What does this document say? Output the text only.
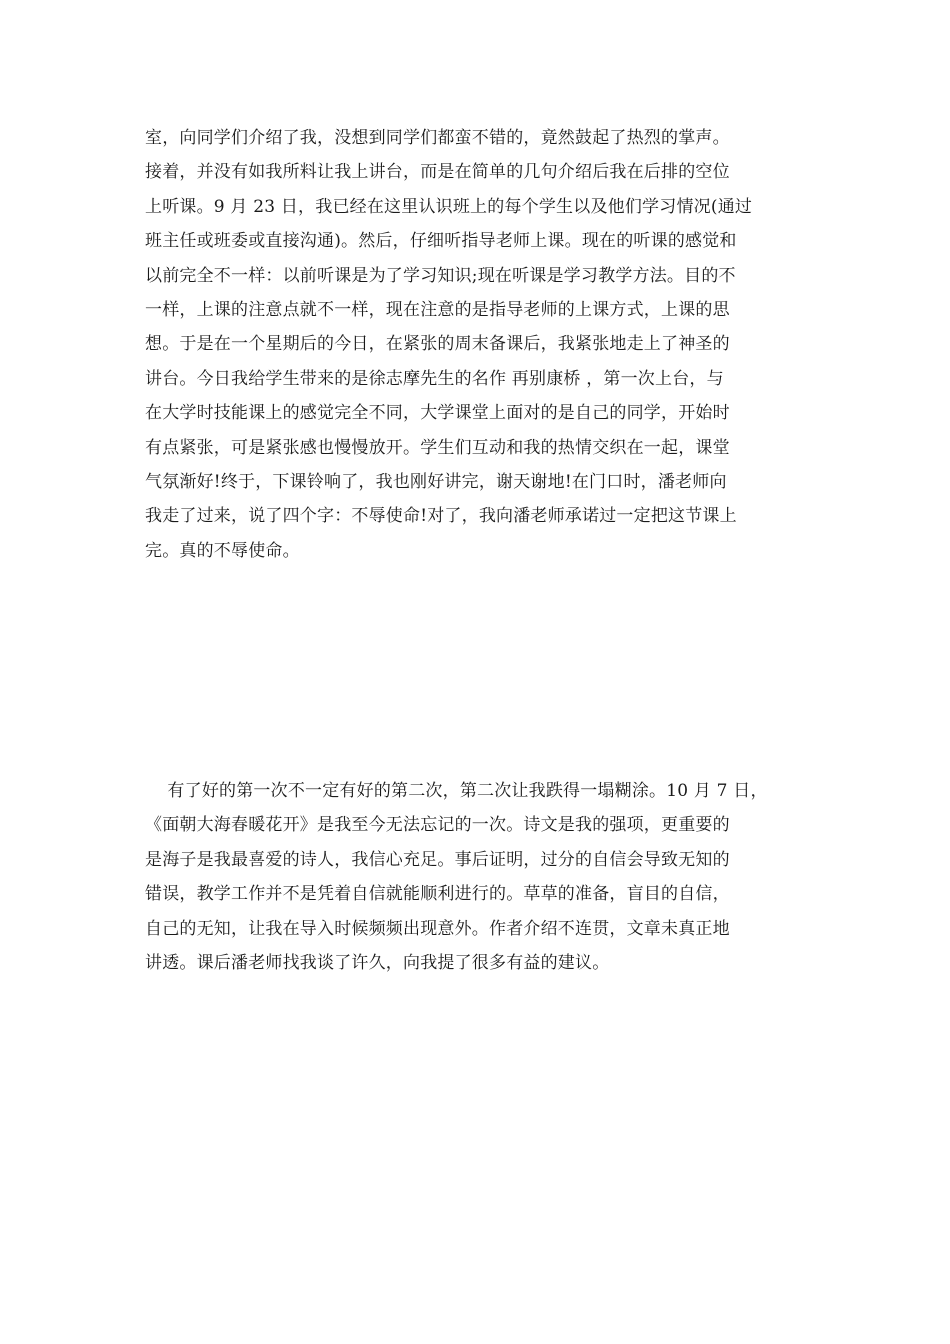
室，向同学们介绍了我，没想到同学们都蛮不错的，竟然鼓起了热烈的掌声。
接着，并没有如我所料让我上讲台，而是在简单的几句介绍后我在后排的空位
上听课。9 月 23 日，我已经在这里认识班上的每个学生以及他们学习情况(通过
班主任或班委或直接沟通)。然后，仔细听指导老师上课。现在的听课的感觉和
以前完全不一样：以前听课是为了学习知识;现在听课是学习教学方法。目的不
一样，上课的注意点就不一样，现在注意的是指导老师的上课方式，上课的思
想。于是在一个星期后的今日，在紧张的周末备课后，我紧张地走上了神圣的
讲台。今日我给学生带来的是徐志摩先生的名作 再别康桥 ，第一次上台，与
在大学时技能课上的感觉完全不同，大学课堂上面对的是自己的同学，开始时
有点紧张，可是紧张感也慢慢放开。学生们互动和我的热情交织在一起，课堂
气氛渐好!终于，下课铃响了，我也刚好讲完，谢天谢地!在门口时，潘老师向
我走了过来，说了四个字：不辱使命!对了，我向潘老师承诺过一定把这节课上
完。真的不辱使命。
有了好的第一次不一定有好的第二次，第二次让我跌得一塌糊涂。10 月 7 日，
《面朝大海春暖花开》是我至今无法忘记的一次。诗文是我的强项，更重要的
是海子是我最喜爱的诗人，我信心充足。事后证明，过分的自信会导致无知的
错误，教学工作并不是凭着自信就能顺利进行的。草草的准备，盲目的自信，
自己的无知，让我在导入时候频频出现意外。作者介绍不连贯，文章未真正地
讲透。课后潘老师找我谈了许久，向我提了很多有益的建议。
